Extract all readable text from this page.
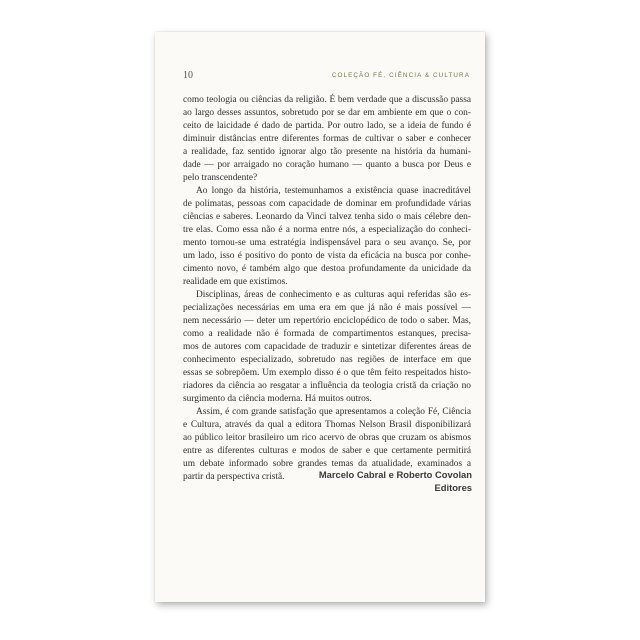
10	COLEÇÃO FÉ, CIÊNCIA & CULTURA
como teologia ou ciências da religião. É bem verdade que a discussão passa
ao largo desses assuntos, sobretudo por se dar em ambiente em que o con-
ceito de laicidade é dado de partida. Por outro lado, se a ideia de fundo é
diminuir distâncias entre diferentes formas de cultivar o saber e conhecer
a realidade, faz sentido ignorar algo tão presente na história da humani-
dade — por arraigado no coração humano — quanto a busca por Deus e
pelo transcendente?
Ao longo da história, testemunhamos a existência quase inacreditável
de polimatas, pessoas com capacidade de dominar em profundidade várias
ciências e saberes. Leonardo da Vinci talvez tenha sido o mais célebre den-
tre elas. Como essa não é a norma entre nós, a especialização do conheci-
mento tornou-se uma estratégia indispensável para o seu avanço. Se, por
um lado, isso é positivo do ponto de vista da eficácia na busca por conhe-
cimento novo, é também algo que destoa profundamente da unicidade da
realidade em que existimos.
Disciplinas, áreas de conhecimento e as culturas aqui referidas são es-
pecializações necessárias em uma era em que já não é mais possível —
nem necessário — deter um repertório enciclopédico de todo o saber. Mas,
como a realidade não é formada de compartimentos estanques, precisa-
mos de autores com capacidade de traduzir e sintetizar diferentes áreas de
conhecimento especializado, sobretudo nas regiões de interface em que
essas se sobrepõem. Um exemplo disso é o que têm feito respeitados histo-
riadores da ciência ao resgatar a influência da teologia cristã da criação no
surgimento da ciência moderna. Há muitos outros.
Assim, é com grande satisfação que apresentamos a coleção Fé, Ciência
e Cultura, através da qual a editora Thomas Nelson Brasil disponibilizará
ao público leitor brasileiro um rico acervo de obras que cruzam os abismos
entre as diferentes culturas e modos de saber e que certamente permitirá
um debate informado sobre grandes temas da atualidade, examinados a
partir da perspectiva cristã.	Marcelo Cabral e Roberto Covolan
Editores
